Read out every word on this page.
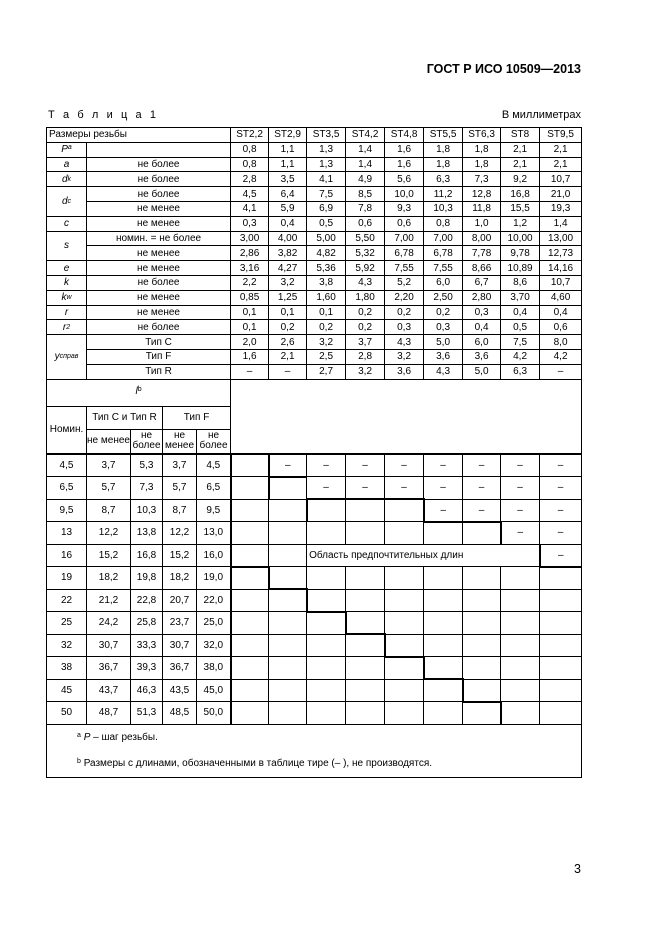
ГОСТ Р ИСО 10509—2013
Т а б л и ц а 1	В миллиметрах
Размеры резьбы					ST2,2	ST2,9	ST3,5	ST4,2	ST4,8	ST5,5	ST6,3	ST8	ST9,5
$P^a$					0,8	1,1	1,3	1,4	1,6	1,8	1,8	2,1	2,1
a	не более				0,8	1,1	1,3	1,4	1,6	1,8	1,8	2,1	2,1
dk	не более				2,8	3,5	4,1	4,9	5,6	6,3	7,3	9,2	10,7
dc	не более				4,5	6,4	7,5	8,5	10,0	11,2	12,8	16,8	21,0
	не менее				4,1	5,9	6,9	7,8	9,3	10,3	11,8	15,5	19,3
c	не менее				0,3	0,4	0,5	0,6	0,6	0,8	1,0	1,2	1,4
s	номин. = не более				3,00	4,00	5,00	5,50	7,00	7,00	8,00	10,00	13,00
	не менее				2,86	3,82	4,82	5,32	6,78	6,78	7,78	9,78	12,73
e	не менее				3,16	4,27	5,36	5,92	7,55	7,55	8,66	10,89	14,16
k	не более				2,2	3,2	3,8	4,3	5,2	6,0	6,7	8,6	10,7
kw	не менее				0,85	1,25	1,60	1,80	2,20	2,50	2,80	3,70	4,60
r	не менее				0,1	0,1	0,1	0,2	0,2	0,2	0,3	0,4	0,4
r2	не более				0,1	0,2	0,2	0,2	0,3	0,3	0,4	0,5	0,6
yсправ	Тип C				2,0	2,6	3,2	3,7	4,3	5,0	6,0	7,5	8,0
	Тип F				1,6	2,1	2,5	2,8	3,2	3,6	3,6	4,2	4,2
	Тип R				–	–	2,7	3,2	3,6	4,3	5,0	6,3	–
$l^b$	
Номин.	Тип C и Тип R		Тип F										
	не менее	не более	не менее	не более									
4,5	3,7	5,3	3,7	4,5		–	–	–	–	–	–	–	–
6,5	5,7	7,3	5,7	6,5			–	–	–	–	–	–	–
9,5	8,7	10,3	8,7	9,5						–	–	–	–
13	12,2	13,8	12,2	13,0								–	–
16	15,2	16,8	15,2	16,0			Область предпочтительных длин						–
19	18,2	19,8	18,2	19,0									
22	21,2	22,8	20,7	22,0									
25	24,2	25,8	23,7	25,0									
32	30,7	33,3	30,7	32,0									
38	36,7	39,3	36,7	38,0									
45	43,7	46,3	43,5	45,0									
50	48,7	51,3	48,5	50,0									
$^a$ P – шаг резьбы.													
$^b$ Размеры с длинами, обозначенными в таблице тире (– ), не производятся.													
3
